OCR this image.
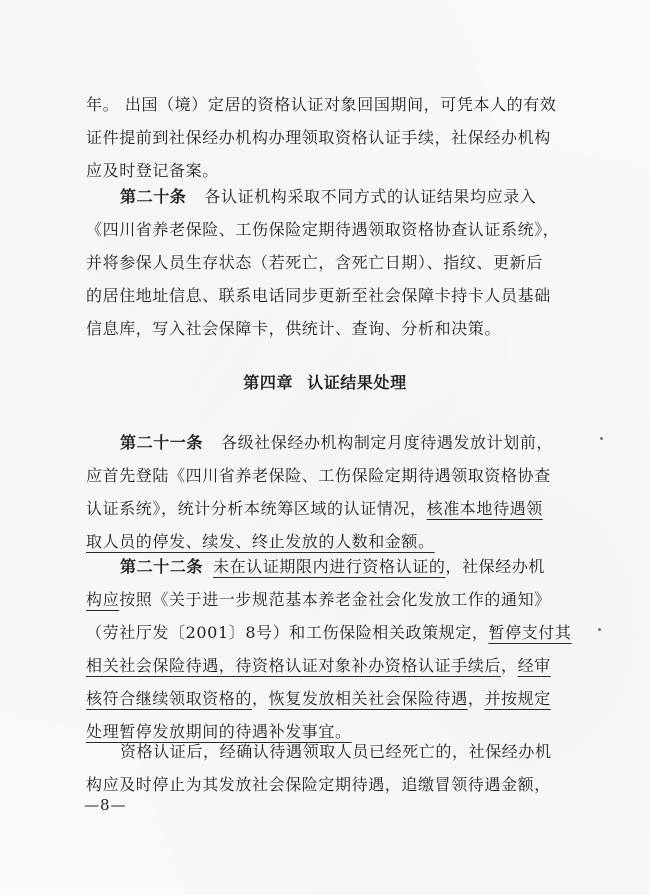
年。 出国（境）定居的资格认证对象回国期间，可凭本人的有效
证件提前到社保经办机构办理领取资格认证手续，社保经办机构
应及时登记备案。
第二十条 各认证机构采取不同方式的认证结果均应录入
《四川省养老保险、工伤保险定期待遇领取资格协查认证系统》，
并将参保人员生存状态（若死亡，含死亡日期）、指纹、更新后
的居住地址信息、联系电话同步更新至社会保障卡持卡人员基础
信息库，写入社会保障卡，供统计、查询、分析和决策。
第四章 认证结果处理
第二十一条 各级社保经办机构制定月度待遇发放计划前，
应首先登陆《四川省养老保险、工伤保险定期待遇领取资格协查
认证系统》，统计分析本统筹区域的认证情况，核准本地待遇领
取人员的停发、续发、终止发放的人数和金额。
第二十二条 未在认证期限内进行资格认证的，社保经办机
构应按照《关于进一步规范基本养老金社会化发放工作的通知》
（劳社厅发〔2001〕8号）和工伤保险相关政策规定，暂停支付其
相关社会保险待遇，待资格认证对象补办资格认证手续后，经审
核符合继续领取资格的，恢复发放相关社会保险待遇，并按规定
处理暂停发放期间的待遇补发事宜。
资格认证后，经确认待遇领取人员已经死亡的，社保经办机
构应及时停止为其发放社会保险定期待遇，追缴冒领待遇金额，
—8—
